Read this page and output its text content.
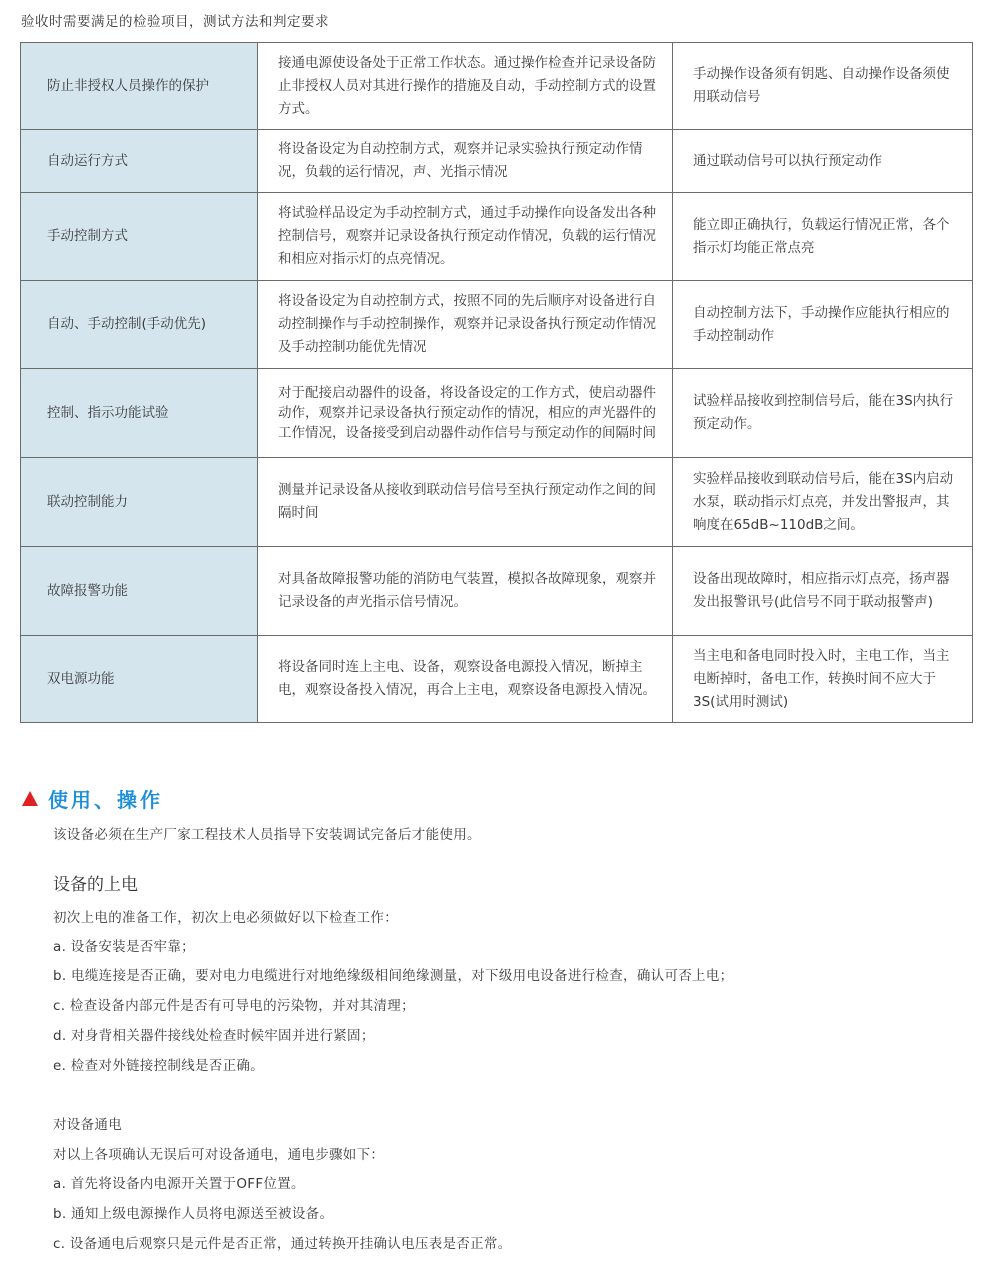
验收时需要满足的检验项目，测试方法和判定要求
防止非授权人员操作的保护	接通电源使设备处于正常工作状态。通过操作检查并记录设备防止非授权人员对其进行操作的措施及自动，手动控制方式的设置方式。	手动操作设备须有钥匙、自动操作设备须使用联动信号
自动运行方式	将设备设定为自动控制方式，观察并记录实验执行预定动作情况，负载的运行情况，声、光指示情况	通过联动信号可以执行预定动作
手动控制方式	将试验样品设定为手动控制方式，通过手动操作向设备发出各种控制信号，观察并记录设备执行预定动作情况，负载的运行情况和相应对指示灯的点亮情况。	能立即正确执行，负载运行情况正常，各个指示灯均能正常点亮
自动、手动控制(手动优先)	将设备设定为自动控制方式，按照不同的先后顺序对设备进行自动控制操作与手动控制操作，观察并记录设备执行预定动作情况及手动控制功能优先情况	自动控制方法下，手动操作应能执行相应的手动控制动作
控制、指示功能试验	对于配接启动器件的设备，将设备设定的工作方式，使启动器件动作，观察并记录设备执行预定动作的情况，相应的声光器件的工作情况，设备接受到启动器件动作信号与预定动作的间隔时间	试验样品接收到控制信号后，能在3S内执行预定动作。
联动控制能力	测量并记录设备从接收到联动信号信号至执行预定动作之间的间隔时间	实验样品接收到联动信号后，能在3S内启动水泵，联动指示灯点亮，并发出警报声，其响度在65dB~110dB之间。
故障报警功能	对具备故障报警功能的消防电气装置，模拟各故障现象，观察并记录设备的声光指示信号情况。	设备出现故障时，相应指示灯点亮，扬声器发出报警讯号(此信号不同于联动报警声)
双电源功能	将设备同时连上主电、设备，观察设备电源投入情况，断掉主电，观察设备投入情况，再合上主电，观察设备电源投入情况。	当主电和备电同时投入时，主电工作，当主电断掉时，备电工作，转换时间不应大于3S(试用时测试)
使用、操作
该设备必须在生产厂家工程技术人员指导下安装调试完备后才能使用。
设备的上电
初次上电的准备工作，初次上电必须做好以下检查工作：
a. 设备安装是否牢靠；
b. 电缆连接是否正确，要对电力电缆进行对地绝缘级相间绝缘测量，对下级用电设备进行检查，确认可否上电；
c. 检查设备内部元件是否有可导电的污染物，并对其清理；
d. 对身背相关器件接线处检查时候牢固并进行紧固；
e. 检查对外链接控制线是否正确。
对设备通电
对以上各项确认无误后可对设备通电，通电步骤如下：
a. 首先将设备内电源开关置于OFF位置。
b. 通知上级电源操作人员将电源送至被设备。
c. 设备通电后观察只是元件是否正常，通过转换开挂确认电压表是否正常。
